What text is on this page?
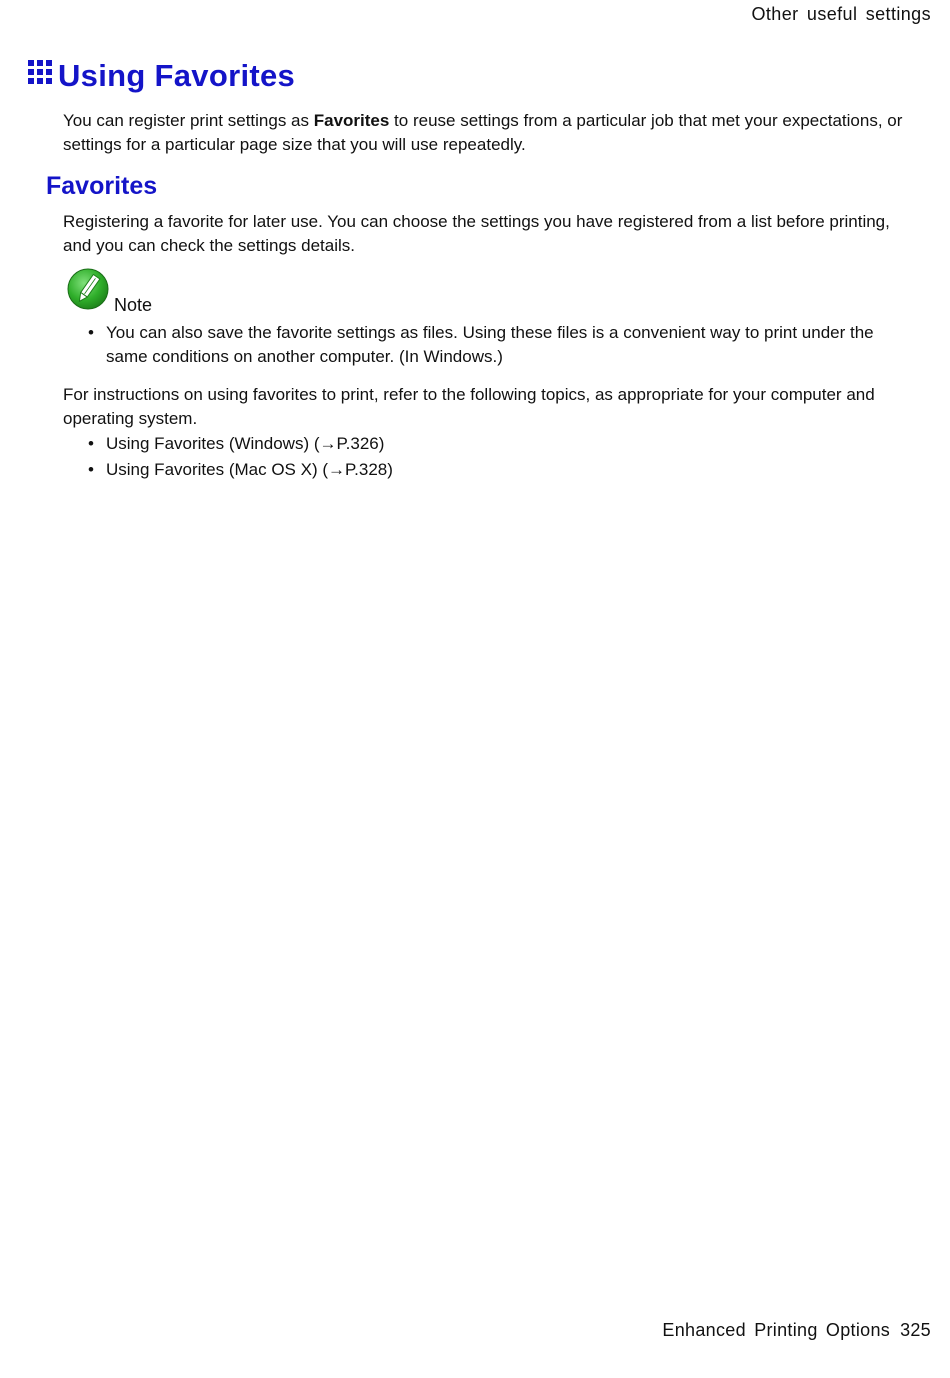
Other useful settings
Using Favorites

You can register print settings as Favorites to reuse settings from a particular job that met your expectations, or settings for a particular page size that you will use repeatedly.

Favorites

Registering a favorite for later use. You can choose the settings you have registered from a list before printing, and you can check the settings details.

Note
• You can also save the favorite settings as files. Using these files is a convenient way to print under the same conditions on another computer. (In Windows.)

For instructions on using favorites to print, refer to the following topics, as appropriate for your computer and operating system.

• Using Favorites (Windows) (→P.326)
• Using Favorites (Mac OS X) (→P.328)
Enhanced Printing Options 325
